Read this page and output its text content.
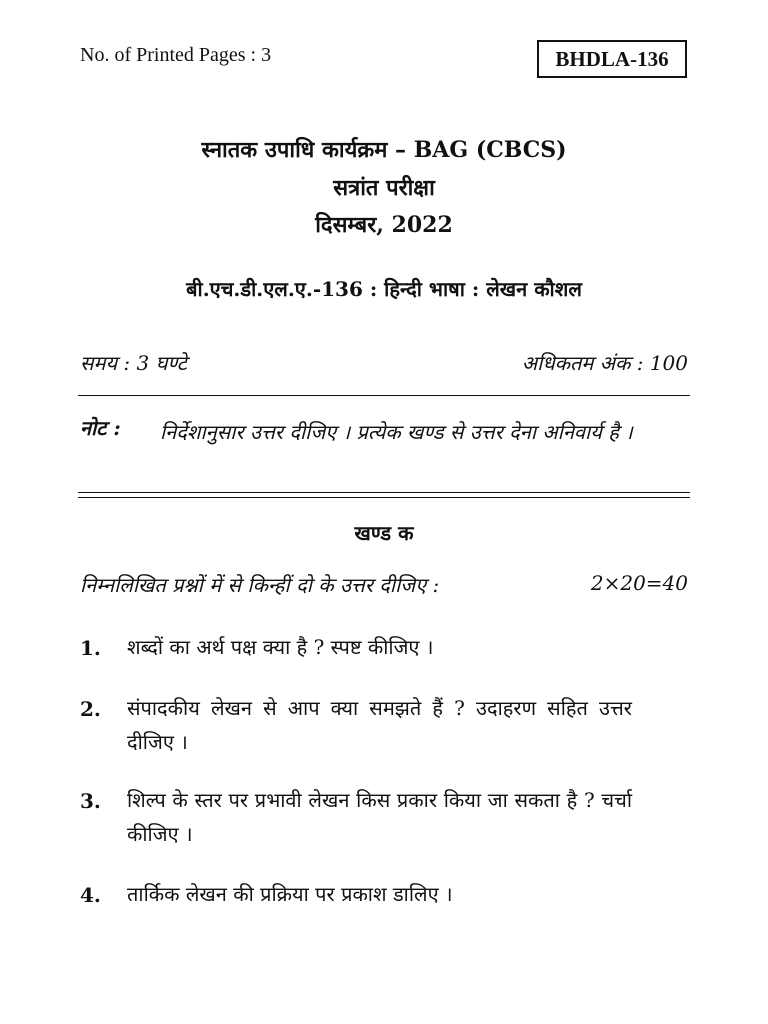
No. of Printed Pages : 3	BHDLA-136
स्नातक उपाधि कार्यक्रम – BAG (CBCS)
सत्रांत परीक्षा
दिसम्बर, 2022
बी.एच.डी.एल.ए.-136 : हिन्दी भाषा : लेखन कौशल
समय : 3 घण्टे	अधिकतम अंक : 100
नोट : निर्देशानुसार उत्तर दीजिए । प्रत्येक खण्ड से उत्तर देना अनिवार्य है ।
खण्ड क
निम्नलिखित प्रश्नों में से किन्हीं दो के उत्तर दीजिए :	2×20=40
1. शब्दों का अर्थ पक्ष क्या है ? स्पष्ट कीजिए ।
2. संपादकीय लेखन से आप क्या समझते हैं ? उदाहरण सहित उत्तर दीजिए ।
3. शिल्प के स्तर पर प्रभावी लेखन किस प्रकार किया जा सकता है ? चर्चा कीजिए ।
4. तार्किक लेखन की प्रक्रिया पर प्रकाश डालिए ।
